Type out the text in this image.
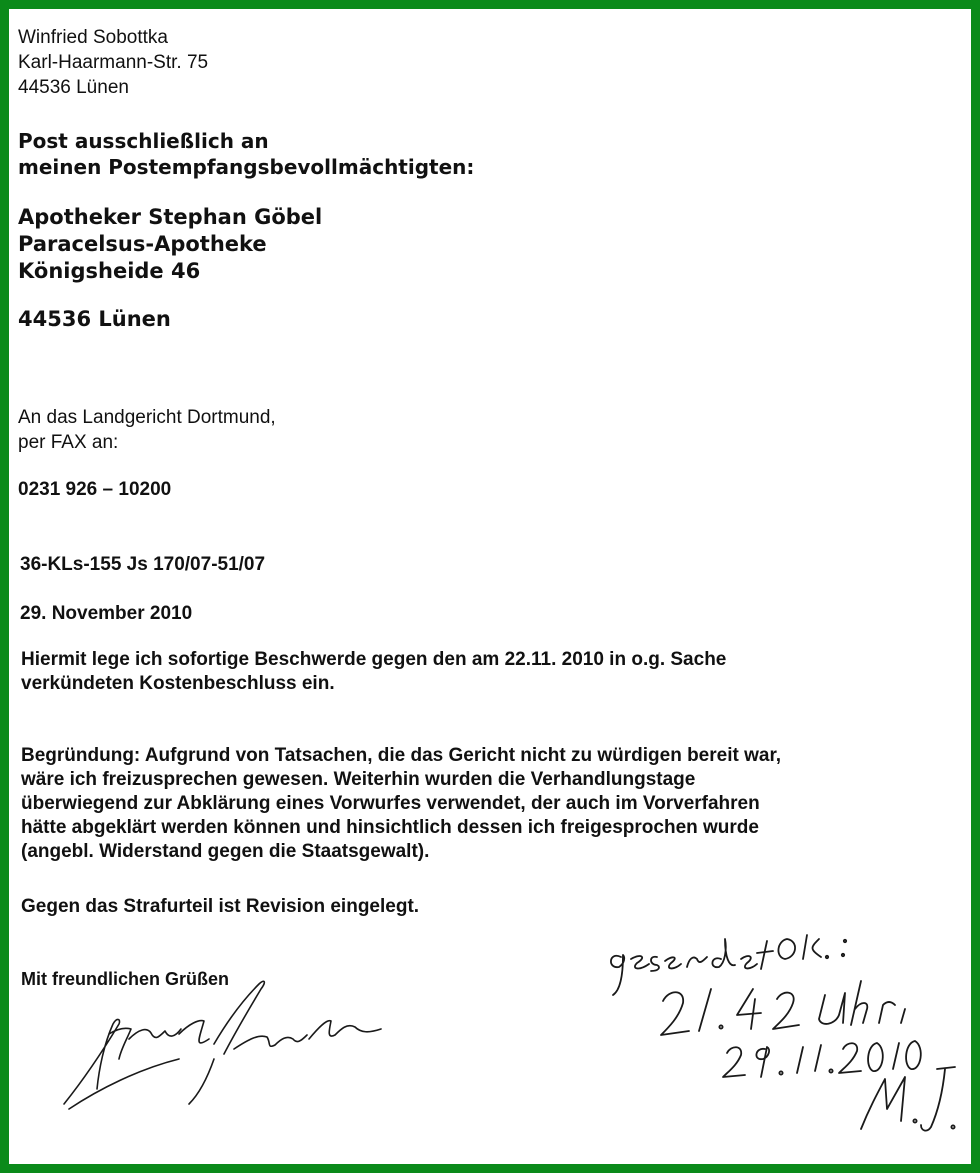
Winfried Sobottka
Karl-Haarmann-Str. 75
44536 Lünen
Post ausschließlich an
meinen Postempfangsbevollmächtigten:
Apotheker Stephan Göbel
Paracelsus-Apotheke
Königsheide 46
44536 Lünen
An das Landgericht Dortmund,
per FAX an:
0231 926 – 10200
36-KLs-155 Js 170/07-51/07
29. November 2010
Hiermit lege ich sofortige Beschwerde gegen den am 22.11. 2010 in o.g. Sache
verkündeten Kostenbeschluss ein.
Begründung: Aufgrund von Tatsachen, die das Gericht nicht zu würdigen bereit war,
wäre ich freizusprechen gewesen. Weiterhin wurden die Verhandlungstage
überwiegend zur Abklärung eines Vorwurfes verwendet, der auch im Vorverfahren
hätte abgeklärt werden können und hinsichtlich dessen ich freigesprochen wurde
(angebl. Widerstand gegen die Staatsgewalt).
Gegen das Strafurteil ist Revision eingelegt.
Mit freundlichen Grüßen
